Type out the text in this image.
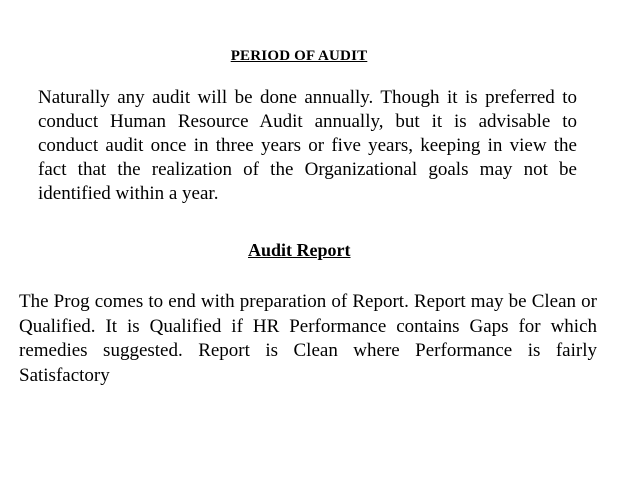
PERIOD OF AUDIT
Naturally any audit will be done annually. Though it is preferred to conduct Human Resource Audit annually, but it is advisable to conduct audit once in three years or five years, keeping in view the fact that the realization of the Organizational goals may not be identified within a year.
Audit Report
The Prog comes to end with preparation of Report. Report may be Clean or Qualified. It is Qualified if HR Performance contains Gaps for which remedies suggested. Report is Clean where Performance is fairly Satisfactory
